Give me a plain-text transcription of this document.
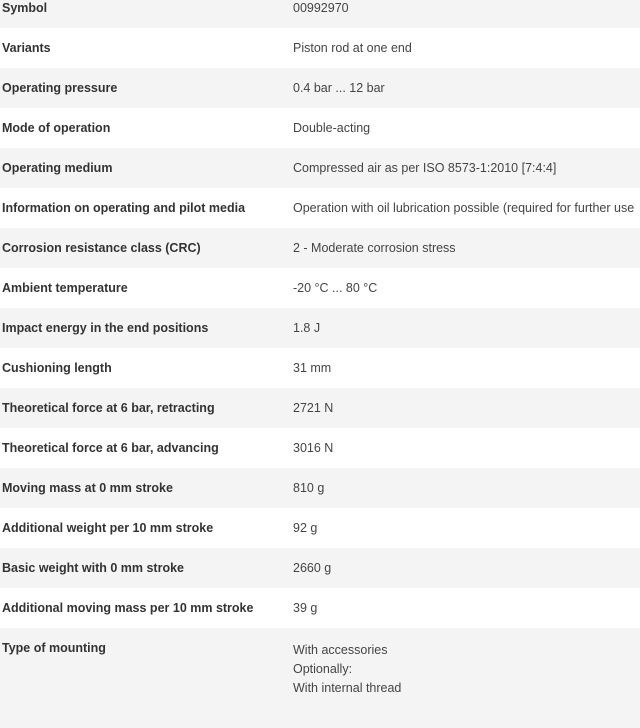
Symbol	00992970
Variants	Piston rod at one end
Operating pressure	0.4 bar ... 12 bar
Mode of operation	Double-acting
Operating medium	Compressed air as per ISO 8573-1:2010 [7:4:4]
Information on operating and pilot media	Operation with oil lubrication possible (required for further use
Corrosion resistance class (CRC)	2 - Moderate corrosion stress
Ambient temperature	-20 °C ... 80 °C
Impact energy in the end positions	1.8 J
Cushioning length	31 mm
Theoretical force at 6 bar, retracting	2721 N
Theoretical force at 6 bar, advancing	3016 N
Moving mass at 0 mm stroke	810 g
Additional weight per 10 mm stroke	92 g
Basic weight with 0 mm stroke	2660 g
Additional moving mass per 10 mm stroke	39 g
Type of mounting	With accessories
Optionally:
With internal thread
